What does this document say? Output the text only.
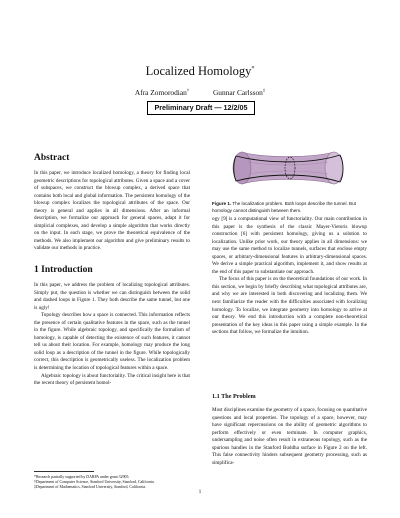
Localized Homology*
Afra Zomorodian†	Gunnar Carlsson‡
Preliminary Draft — 12/2/05
Abstract

In this paper, we introduce localized homology, a theory for finding local geometric descriptions for topological attributes. Given a space and a cover of subspaces, we construct the blowup complex, a derived space that contains both local and global information. The persistent homology of the blowup complex localizes the topological attributes of the space. Our theory is general and applies in all dimensions. After an informal description, we formalize our approach for general spaces, adapt it for simplicial complexes, and develop a simple algorithm that works directly on the input. In each stage, we prove the theoretical equivalence of the methods. We also implement our algorithm and give preliminary results to validate our methods in practice.

1 Introduction

In this paper, we address the problem of localizing topological attributes. Simply put, the question is whether we can distinguish between the solid and dashed loops in Figure 1. They both describe the same tunnel, but one is ugly!

Topology describes how a space is connected. This information reflects the presence of certain qualitative features in the space, such as the tunnel in the figure. While algebraic topology, and specifically the formalism of homology, is capable of detecting the existence of such features, it cannot tell us about their location. For example, homology may produce the long solid loop as a description of the tunnel in the figure. While topologically correct, this description is geometrically useless. The localization problem is determining the location of topological features within a space.

Algebraic topology is about functoriality. The critical insight here is that the recent theory of persistent homol-

*Research partially supported by DARPA under grant 32905.
†Department of Computer Science, Stanford University, Stanford, California.
‡Department of Mathematics, Stanford University, Stanford, California.
Figure 1. The localization problem. Both loops describe the tunnel. But homology cannot distinguish between them.

ogy [9] is a computational view of functoriality. Our main contribution in this paper is the synthesis of the classic Mayer-Vietoris blowup construction [6] with persistent homology, giving us a solution to localization. Unlike prior work, our theory applies in all dimensions: we may use the same method to localize tunnels, surfaces that enclose empty spaces, or arbitrary-dimensional features in arbitrary-dimensional spaces. We derive a simple practical algorithm, implement it, and show results at the end of this paper to substantiate our approach.

The focus of this paper is on the theoretical foundations of our work. In this section, we begin by briefly describing what topological attributes are, and why we are interested in both discovering and localizing them. We next familiarize the reader with the difficulties associated with localizing homology. To localize, we integrate geometry into homology to arrive at our theory. We end this introduction with a complete non-theoretical presentation of the key ideas in this paper using a simple example. In the sections that follow, we formalize the intuition.

1.1 The Problem

Most disciplines examine the geometry of a space, focusing on quantitative questions and local properties. The topology of a space, however, may have significant repercussions on the ability of geometric algorithms to perform effectively or even terminate. In computer graphics, undersampling and noise often result in extraneous topology, such as the spurious handles in the Stanford Buddha surface in Figure 2 on the left. This false connectivity hinders subsequent geometry processing, such as simplifica-

1
